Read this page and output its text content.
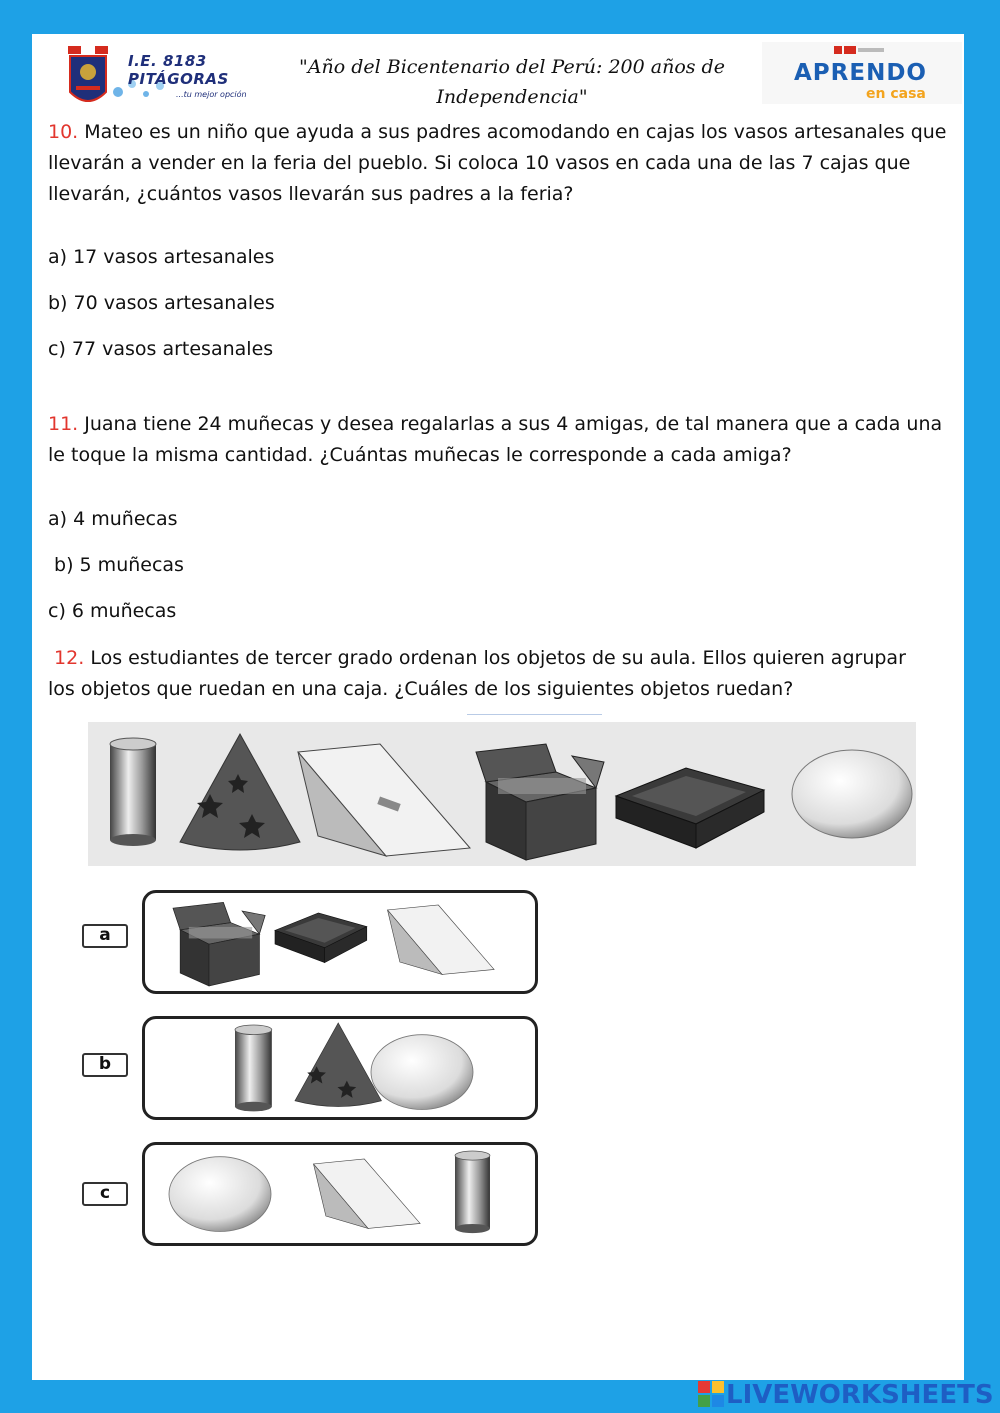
I.E. 8183 PITÁGORAS
...tu mejor opción
"Año del Bicentenario del Perú: 200 años de
Independencia"
APRENDO
en casa
10. Mateo es un niño que ayuda a sus padres acomodando en cajas los vasos artesanales que
llevarán a vender en la feria del pueblo. Si coloca 10 vasos en cada una de las 7 cajas que
llevarán, ¿cuántos vasos llevarán sus padres a la feria?
a) 17 vasos artesanales
b) 70 vasos artesanales
c) 77 vasos artesanales
11. Juana tiene 24 muñecas y desea regalarlas a sus 4 amigas, de tal manera que a cada una
le toque la misma cantidad. ¿Cuántas muñecas le corresponde a cada amiga?
a) 4 muñecas
b) 5 muñecas
c) 6 muñecas
12. Los estudiantes de tercer grado ordenan los objetos de su aula. Ellos quieren agrupar
los objetos que ruedan en una caja. ¿Cuáles de los siguientes objetos ruedan?
a
b
c
LIVEWORKSHEETS
